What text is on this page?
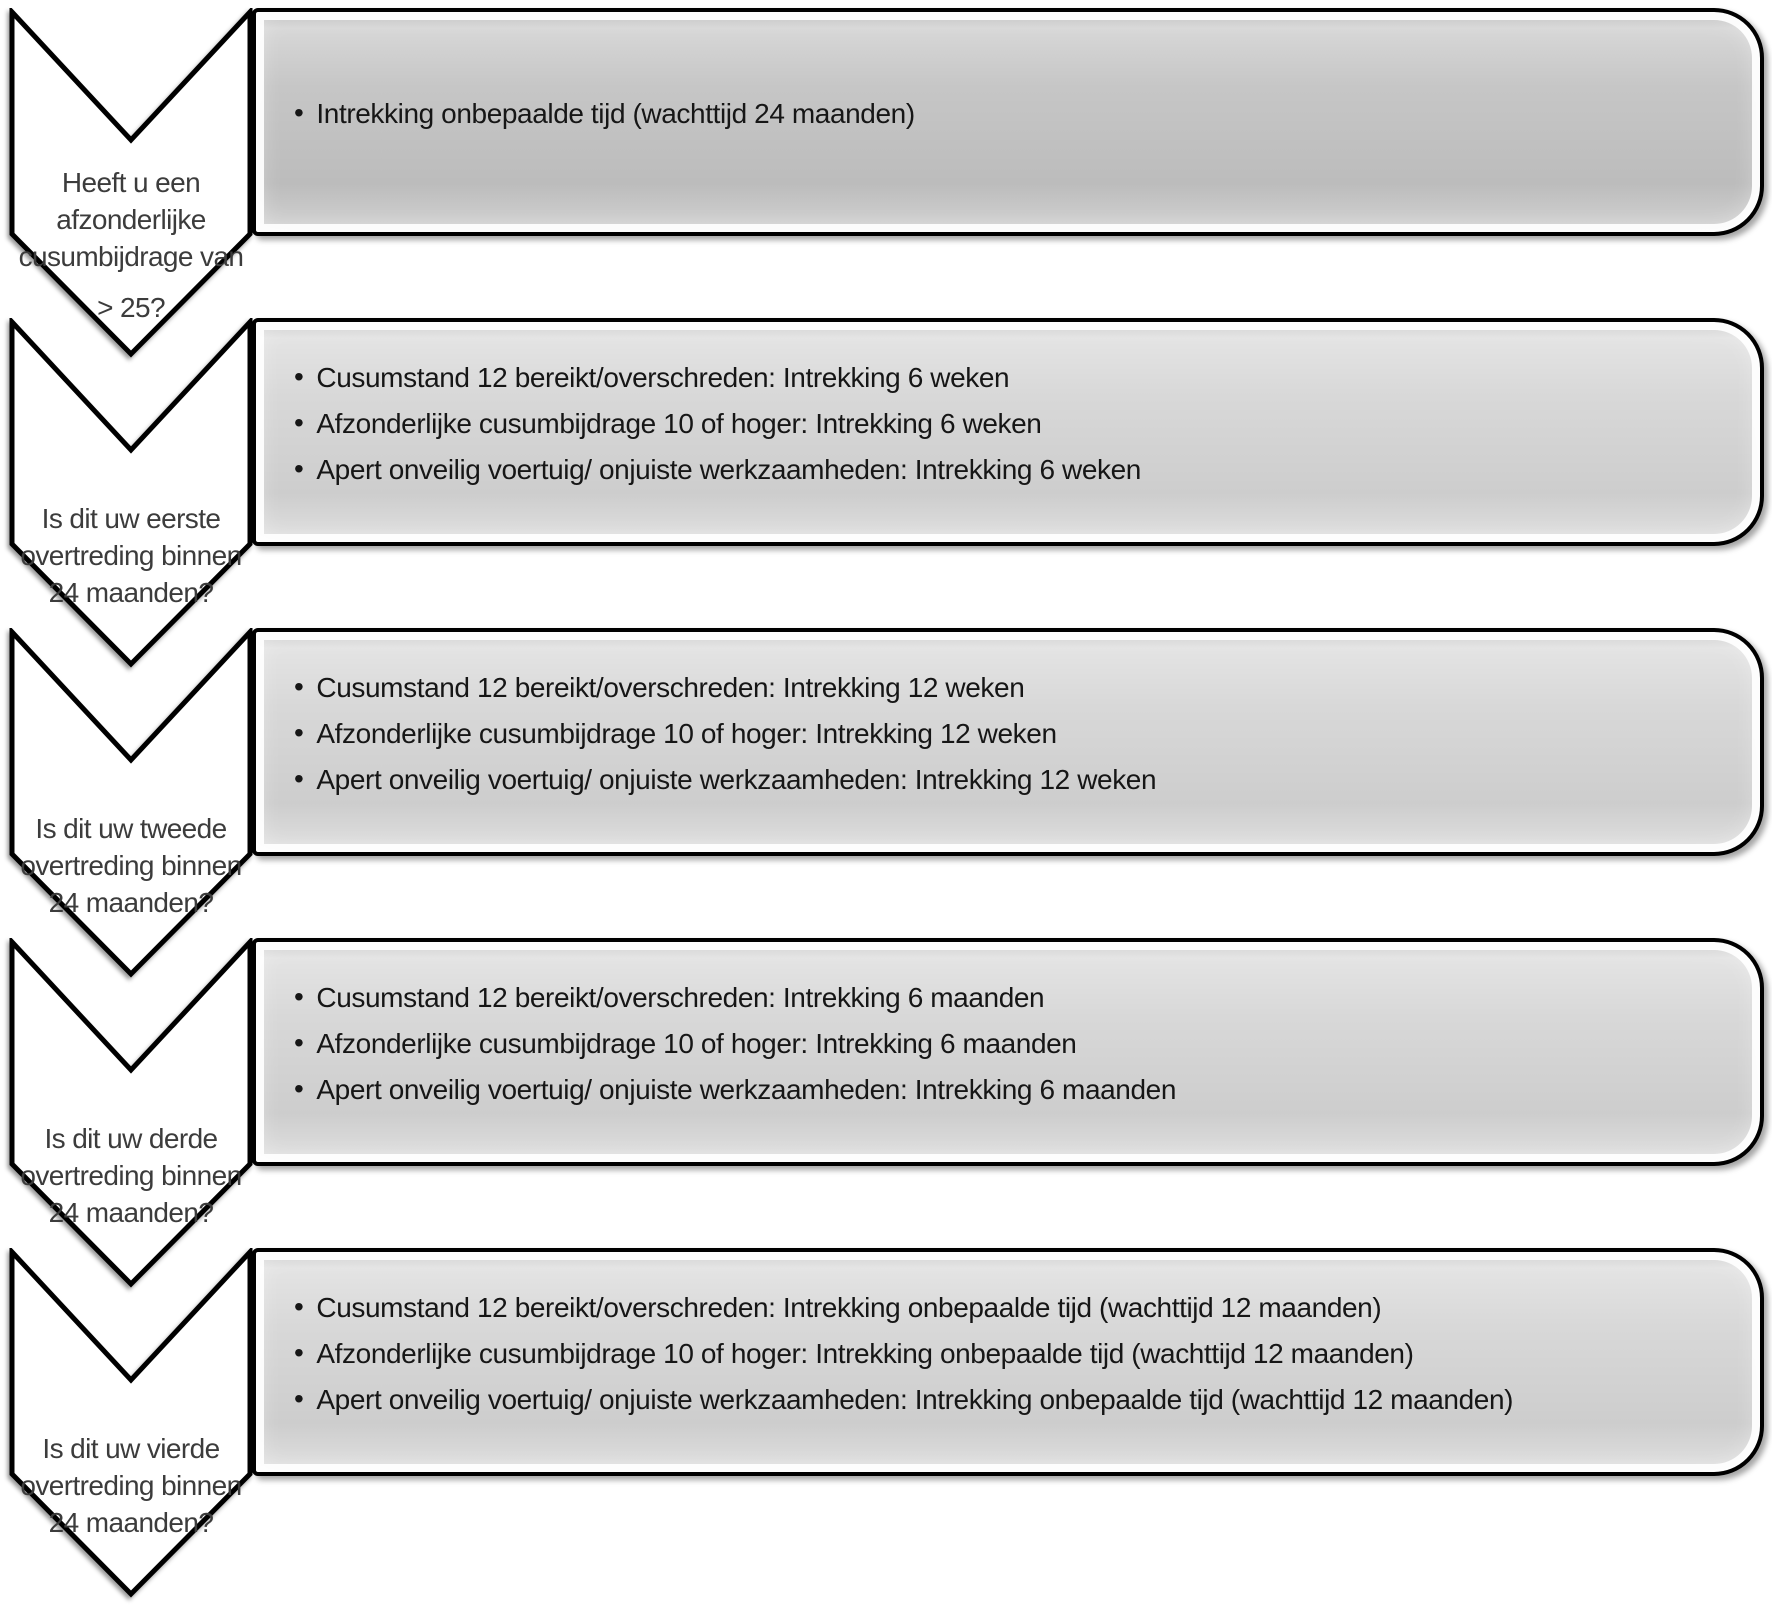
Heeft u een afzonderlijke cusumbijdrage van

> 25?

• Intrekking onbepaalde tijd (wachttijd 24 maanden)

Is dit uw eerste overtreding binnen 24 maanden?

• Cusumstand 12 bereikt/overschreden: Intrekking 6 weken
• Afzonderlijke cusumbijdrage 10 of hoger: Intrekking 6 weken
• Apert onveilig voertuig/ onjuiste werkzaamheden: Intrekking 6 weken

Is dit uw tweede overtreding binnen 24 maanden?

• Cusumstand 12 bereikt/overschreden: Intrekking 12 weken
• Afzonderlijke cusumbijdrage 10 of hoger: Intrekking 12 weken
• Apert onveilig voertuig/ onjuiste werkzaamheden: Intrekking 12 weken

Is dit uw derde overtreding binnen 24 maanden?

• Cusumstand 12 bereikt/overschreden: Intrekking 6 maanden
• Afzonderlijke cusumbijdrage 10 of hoger: Intrekking 6 maanden
• Apert onveilig voertuig/ onjuiste werkzaamheden: Intrekking 6 maanden

Is dit uw vierde overtreding binnen 24 maanden?

• Cusumstand 12 bereikt/overschreden: Intrekking onbepaalde tijd (wachttijd 12 maanden)
• Afzonderlijke cusumbijdrage 10 of hoger: Intrekking onbepaalde tijd (wachttijd 12 maanden)
• Apert onveilig voertuig/ onjuiste werkzaamheden: Intrekking onbepaalde tijd (wachttijd 12 maanden)
